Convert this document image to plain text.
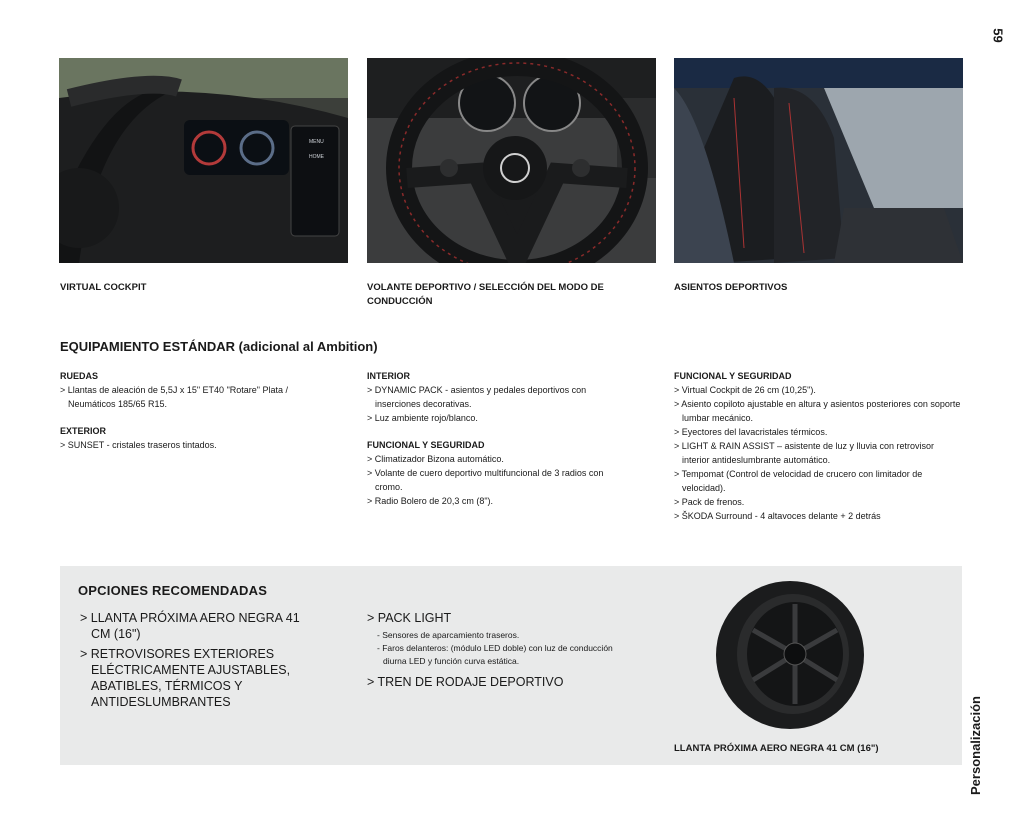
59
Personalización
MENU
HOME
VIRTUAL COCKPIT	VOLANTE DEPORTIVO / SELECCIÓN DEL MODO DE CONDUCCIÓN
ASIENTOS DEPORTIVOS
EQUIPAMIENTO ESTÁNDAR (adicional al Ambition)
RUEDAS
> Llantas de aleación de 5,5J x 15" ET40 "Rotare" Plata / Neumáticos 185/65 R15.
EXTERIOR
> SUNSET - cristales traseros tintados.
INTERIOR
> DYNAMIC PACK - asientos y pedales deportivos con inserciones decorativas.
> Luz ambiente rojo/blanco.
FUNCIONAL Y SEGURIDAD
> Climatizador Bizona automático.
> Volante de cuero deportivo multifuncional de 3 radios con cromo.
> Radio Bolero de 20,3 cm (8").
FUNCIONAL Y SEGURIDAD
> Virtual Cockpit de 26 cm (10,25").
> Asiento copiloto ajustable en altura y asientos posteriores con soporte lumbar mecánico.
> Eyectores del lavacristales térmicos.
> LIGHT & RAIN ASSIST – asistente de luz y lluvia con retrovisor interior antideslumbrante automático.
> Tempomat (Control de velocidad de crucero con limitador de velocidad).
> Pack de frenos.
> ŠKODA Surround - 4 altavoces delante + 2 detrás
OPCIONES RECOMENDADAS
> LLANTA PRÓXIMA AERO NEGRA 41 CM (16")
> RETROVISORES EXTERIORES ELÉCTRICAMENTE AJUSTABLES, ABATIBLES, TÉRMICOS Y ANTIDESLUMBRANTES
> PACK LIGHT
- Sensores de aparcamiento traseros.
- Faros delanteros: (módulo LED doble) con luz de conducción diurna LED y función curva estática.
> TREN DE RODAJE DEPORTIVO
LLANTA PRÓXIMA AERO NEGRA 41 CM (16")
